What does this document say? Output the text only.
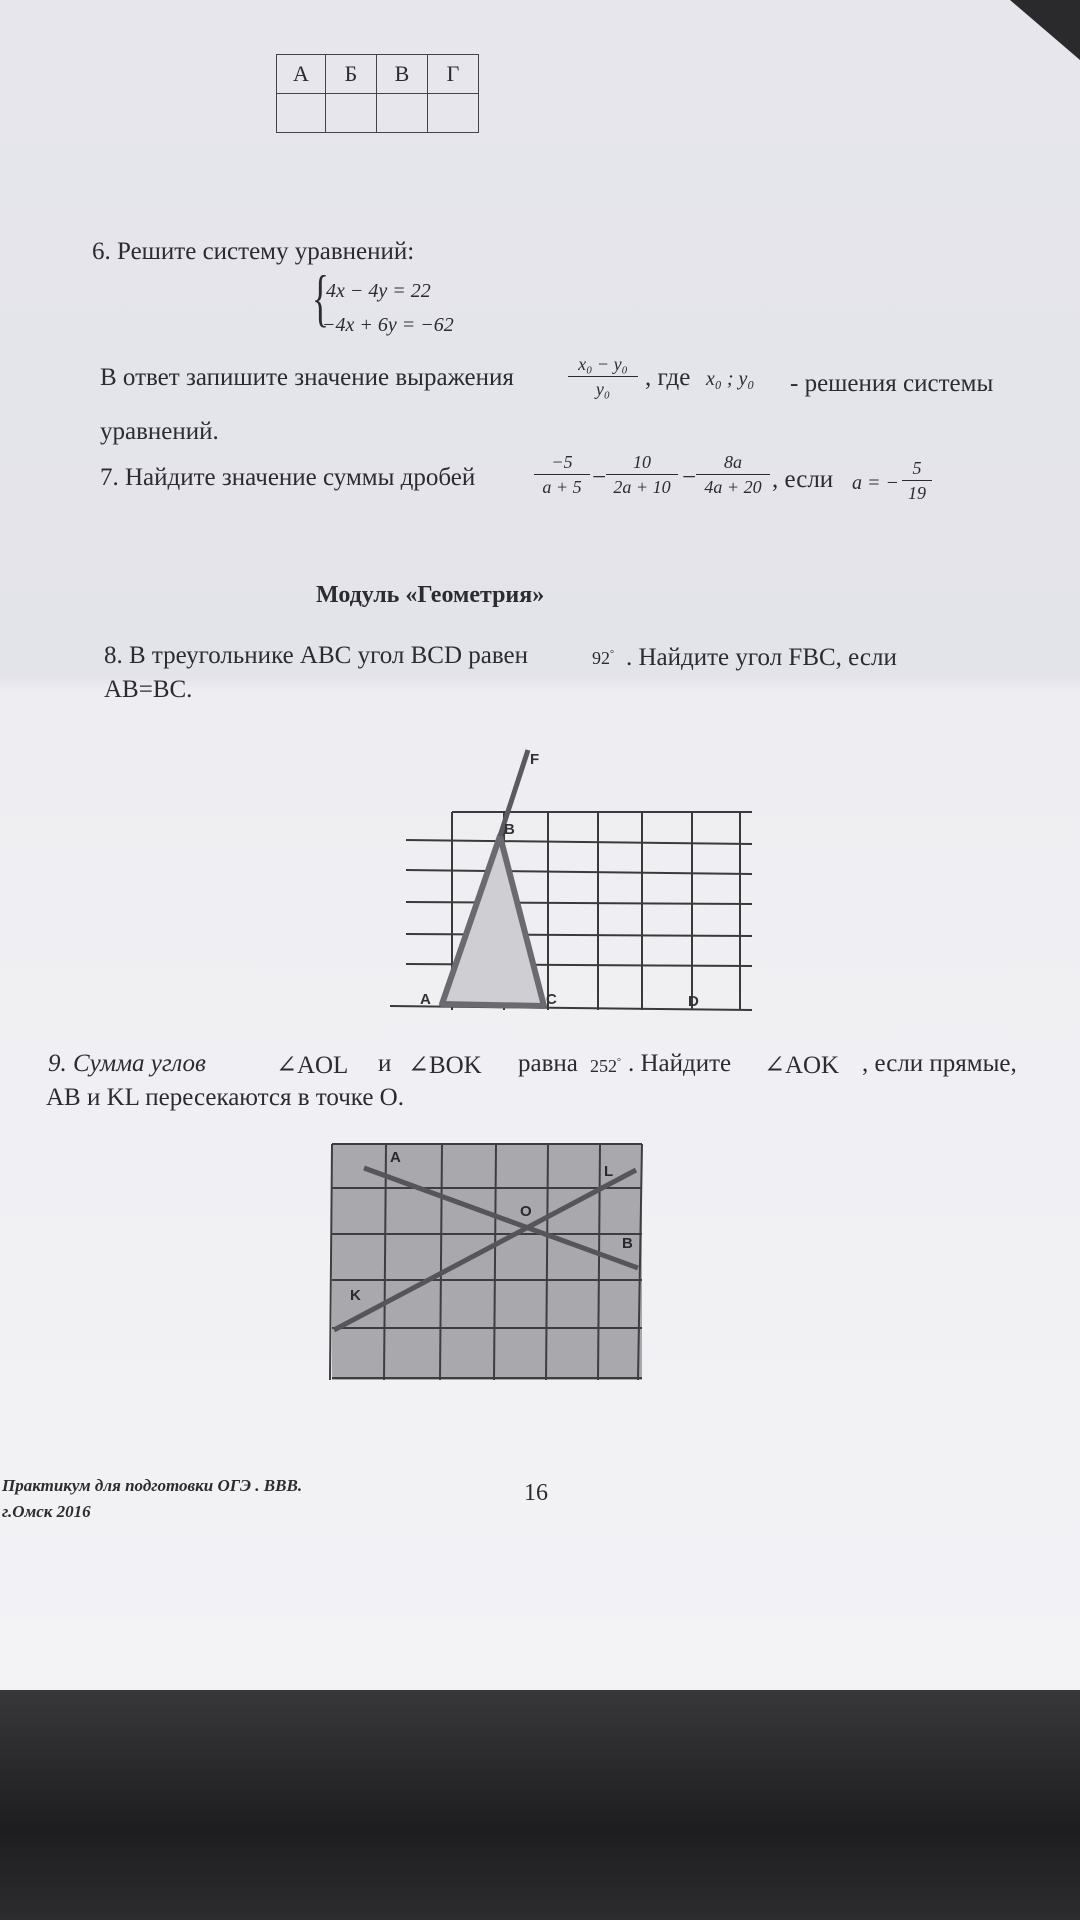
А	Б	В	Г

6. Решите систему уравнений:
{
4x − 4y = 22
−4x + 6y = −62
В ответ запишите значение выражения	x₀ − y₀
y₀	, где x₀ ; y₀ - решения системы
уравнений.
7. Найдите значение суммы дробей
−5
a + 5 −
10
2a + 10 −
8a
4a + 20 , если a = −
5
19
Модуль «Геометрия»
8. В треугольнике АВС угол ВСD равен	92° . Найдите угол FBC, если
АВ=ВС.
F
B
A	C	D
9. Сумма углов	∠AOL и ∠BOK равна 252° . Найдите ∠AOK , если прямые,
АВ и KL пересекаются в точке О.
A
L
O
B
K
Практикум для подготовки ОГЭ . ВВВ.
г.Омск 2016
16
